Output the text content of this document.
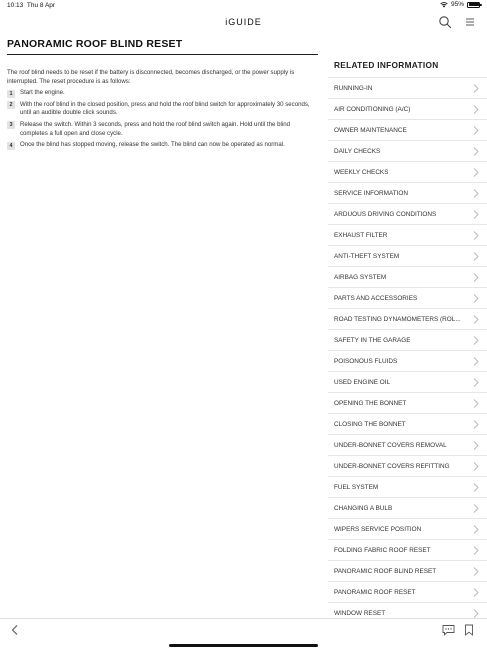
10:13 Thu 8 Apr	95%
iGUIDE
PANORAMIC ROOF BLIND RESET

The roof blind needs to be reset if the battery is disconnected, becomes discharged, or the power supply is interrupted. The reset procedure is as follows:

1	Start the engine.
2	With the roof blind in the closed position, press and hold the roof blind switch for approximately 30 seconds, until an audible double click sounds.
3	Release the switch. Within 3 seconds, press and hold the roof blind switch again. Hold until the blind completes a full open and close cycle.
4	Once the blind has stopped moving, release the switch. The blind can now be operated as normal.
RELATED INFORMATION
RUNNING-IN
AIR CONDITIONING (A/C)
OWNER MAINTENANCE
DAILY CHECKS
WEEKLY CHECKS
SERVICE INFORMATION
ARDUOUS DRIVING CONDITIONS
EXHAUST FILTER
ANTI-THEFT SYSTEM
AIRBAG SYSTEM
PARTS AND ACCESSORIES
ROAD TESTING DYNAMOMETERS (ROL...
SAFETY IN THE GARAGE
POISONOUS FLUIDS
USED ENGINE OIL
OPENING THE BONNET
CLOSING THE BONNET
UNDER-BONNET COVERS REMOVAL
UNDER-BONNET COVERS REFITTING
FUEL SYSTEM
CHANGING A BULB
WIPERS SERVICE POSITION
FOLDING FABRIC ROOF RESET
PANORAMIC ROOF BLIND RESET
PANORAMIC ROOF RESET
WINDOW RESET
